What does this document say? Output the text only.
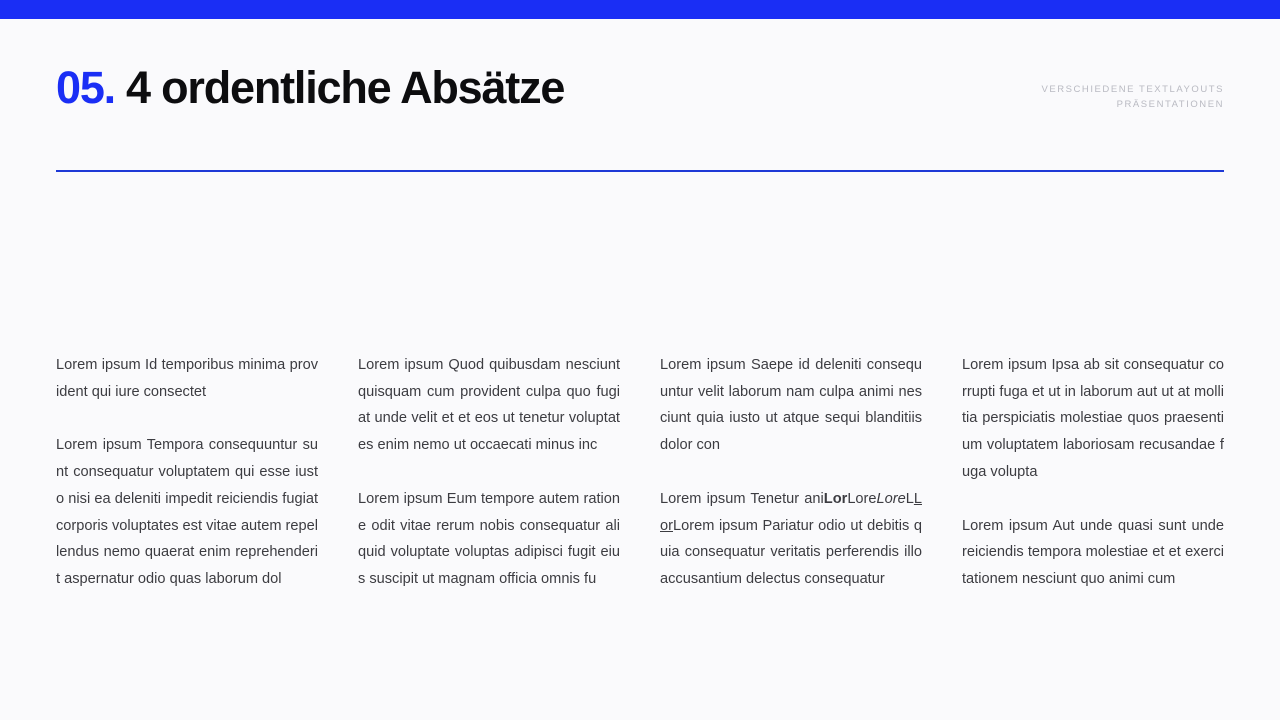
05. 4 ordentliche Absätze	VERSCHIEDENE TEXTLAYOUTS
PRÄSENTATIONEN

Lorem ipsum Id temporibus minima provident qui iure consectet

Lorem ipsum Tempora consequuntur sunt consequatur voluptatem qui esse iusto nisi ea deleniti impedit reiciendis fugiat corporis voluptates est vitae autem repellendus nemo quaerat enim reprehenderit aspernatur odio quas laborum dol

Lorem ipsum Quod quibusdam nesciunt quisquam cum provident culpa quo fugiat unde velit et et eos ut tenetur voluptates enim nemo ut occaecati minus inc

Lorem ipsum Eum tempore autem ratione odit vitae rerum nobis consequatur aliquid voluptate voluptas adipisci fugit eius suscipit ut magnam officia omnis fu

Lorem ipsum Saepe id deleniti consequuntur velit laborum nam culpa animi nesciunt quia iusto ut atque sequi blanditiis dolor con

Lorem ipsum Tenetur aniLorLoreLoreLLorLorem ipsum Pariatur odio ut debitis quia consequatur veritatis perferendis illo accusantium delectus consequatur

Lorem ipsum Ipsa ab sit consequatur corrupti fuga et ut in laborum aut ut at mollitia perspiciatis molestiae quos praesentium voluptatem laboriosam recusandae fuga volupta

Lorem ipsum Aut unde quasi sunt unde reiciendis tempora molestiae et et exercitationem nesciunt quo animi cum
